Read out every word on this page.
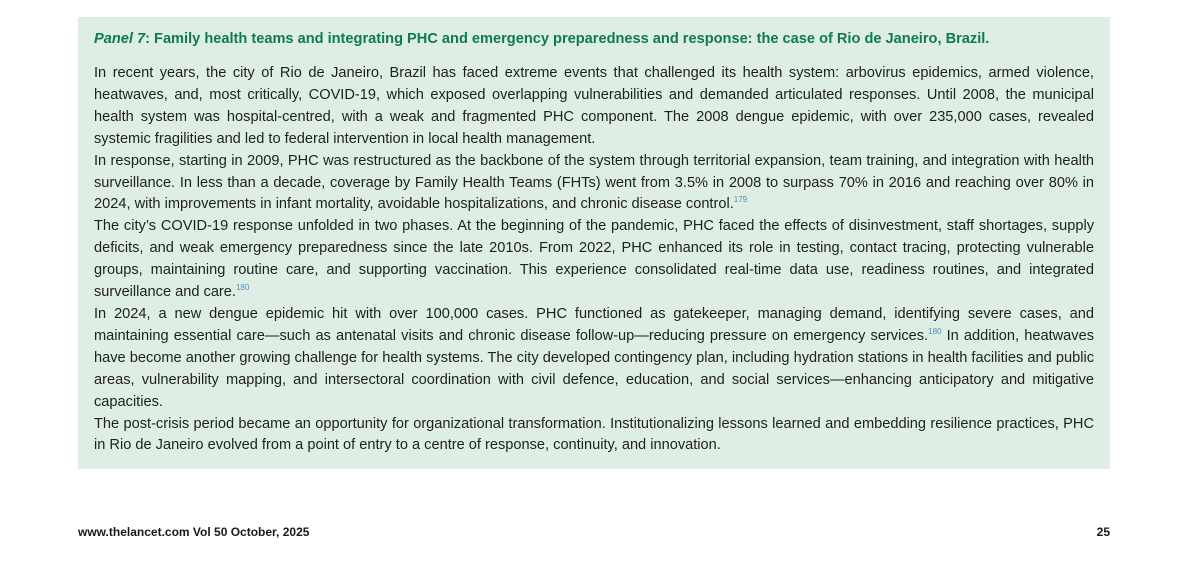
Panel 7: Family health teams and integrating PHC and emergency preparedness and response: the case of Rio de Janeiro, Brazil.

In recent years, the city of Rio de Janeiro, Brazil has faced extreme events that challenged its health system: arbovirus epidemics, armed violence, heatwaves, and, most critically, COVID-19, which exposed overlapping vulnerabilities and demanded articulated responses. Until 2008, the municipal health system was hospital-centred, with a weak and fragmented PHC component. The 2008 dengue epidemic, with over 235,000 cases, revealed systemic fragilities and led to federal intervention in local health management.

In response, starting in 2009, PHC was restructured as the backbone of the system through territorial expansion, team training, and integration with health surveillance. In less than a decade, coverage by Family Health Teams (FHTs) went from 3.5% in 2008 to surpass 70% in 2016 and reaching over 80% in 2024, with improvements in infant mortality, avoidable hospitalizations, and chronic disease control.$^{179}$

The city’s COVID-19 response unfolded in two phases. At the beginning of the pandemic, PHC faced the effects of disinvestment, staff shortages, supply deficits, and weak emergency preparedness since the late 2010s. From 2022, PHC enhanced its role in testing, contact tracing, protecting vulnerable groups, maintaining routine care, and supporting vaccination. This experience consolidated real-time data use, readiness routines, and integrated surveillance and care.$^{180}$

In 2024, a new dengue epidemic hit with over 100,000 cases. PHC functioned as gatekeeper, managing demand, identifying severe cases, and maintaining essential care—such as antenatal visits and chronic disease follow-up—reducing pressure on emergency services.$^{180}$ In addition, heatwaves have become another growing challenge for health systems. The city developed contingency plan, including hydration stations in health facilities and public areas, vulnerability mapping, and intersectoral coordination with civil defence, education, and social services—enhancing anticipatory and mitigative capacities.

The post-crisis period became an opportunity for organizational transformation. Institutionalizing lessons learned and embedding resilience practices, PHC in Rio de Janeiro evolved from a point of entry to a centre of response, continuity, and innovation.

www.thelancet.com Vol 50 October, 2025	25
